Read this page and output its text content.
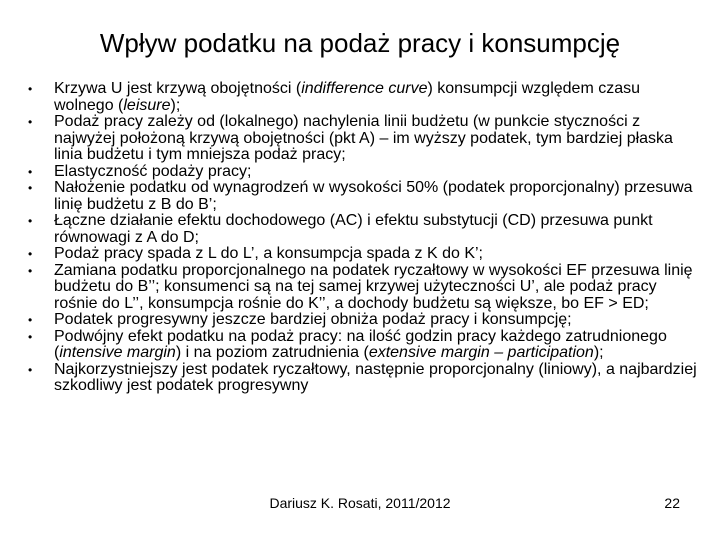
Wpływ podatku na podaż pracy i konsumpcję
•	Krzywa U jest krzywą obojętności (indifference curve) konsumpcji względem czasu wolnego (leisure);
•	Podaż pracy zależy od (lokalnego) nachylenia linii budżetu (w punkcie styczności z najwyżej położoną krzywą obojętności (pkt A) – im wyższy podatek, tym bardziej płaska linia budżetu i tym mniejsza podaż pracy;
•	Elastyczność podaży pracy;
•	Nałożenie podatku od wynagrodzeń w wysokości 50% (podatek proporcjonalny) przesuwa linię budżetu z B do B’;
•	Łączne działanie efektu dochodowego (AC) i efektu substytucji (CD) przesuwa punkt równowagi z A do D;
•	Podaż pracy spada z L do L’, a konsumpcja spada z K do K’;
•	Zamiana podatku proporcjonalnego na podatek ryczałtowy w wysokości EF przesuwa linię budżetu do B’’; konsumenci są na tej samej krzywej użyteczności U’, ale podaż pracy rośnie do L’’, konsumpcja rośnie do K’’, a dochody budżetu są większe, bo EF > ED;
•	Podatek progresywny jeszcze bardziej obniża podaż pracy i konsumpcję;
•	Podwójny efekt podatku na podaż pracy: na ilość godzin pracy każdego zatrudnionego (intensive margin) i na poziom zatrudnienia (extensive margin – participation);
•	Najkorzystniejszy jest podatek ryczałtowy, następnie proporcjonalny (liniowy), a najbardziej szkodliwy jest podatek progresywny
Dariusz K. Rosati, 2011/2012	22
